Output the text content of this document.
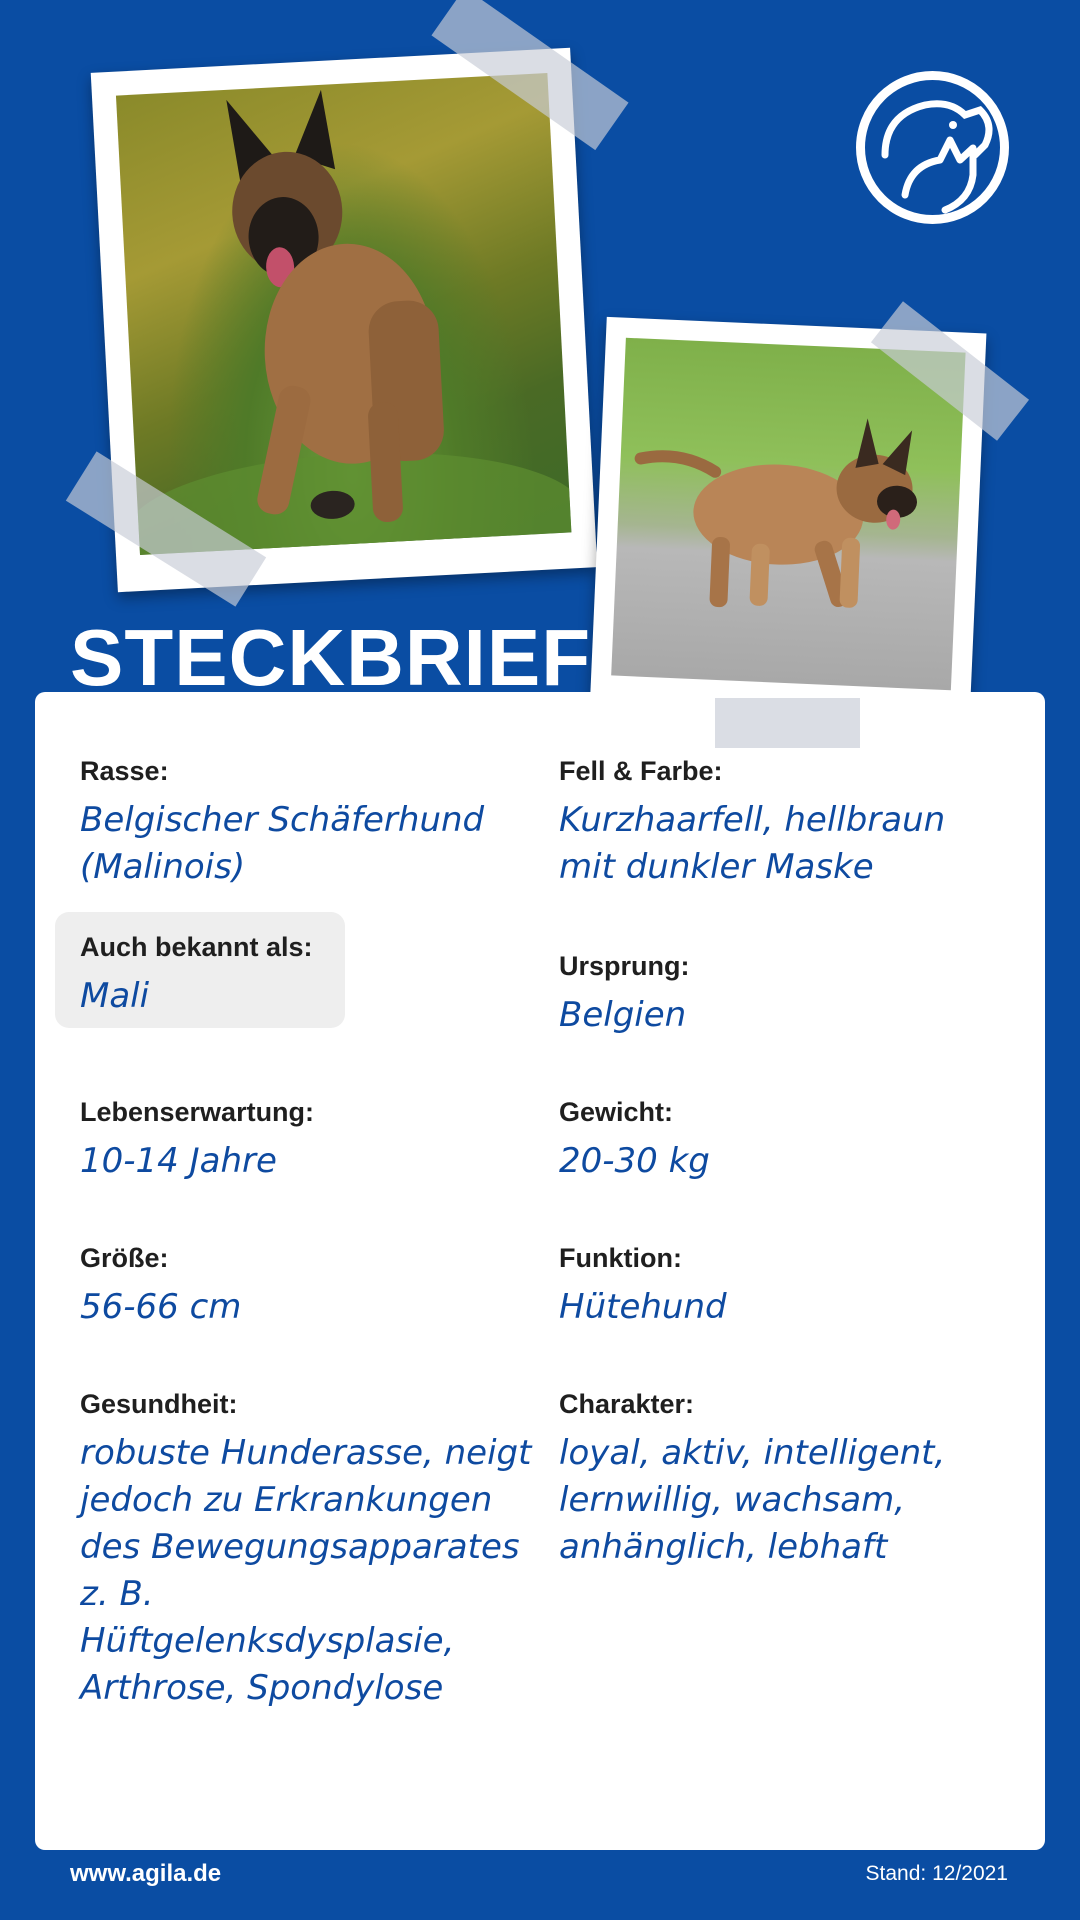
STECKBRIEF
Rasse:
Belgischer Schäferhund (Malinois)
Fell & Farbe:
Kurzhaarfell, hellbraun mit dunkler Maske
Auch bekannt als:
Mali
Ursprung:
Belgien
Lebenserwartung:
10-14 Jahre
Gewicht:
20-30 kg
Größe:
56-66 cm
Funktion:
Hütehund
Gesundheit:
robuste Hunderasse, neigt jedoch zu Erkrankungen des Bewegungsapparates z. B. Hüftgelenksdysplasie, Arthrose, Spondylose
Charakter:
loyal, aktiv, intelligent, lernwillig, wachsam, anhänglich, lebhaft
www.agila.de	Stand: 12/2021
